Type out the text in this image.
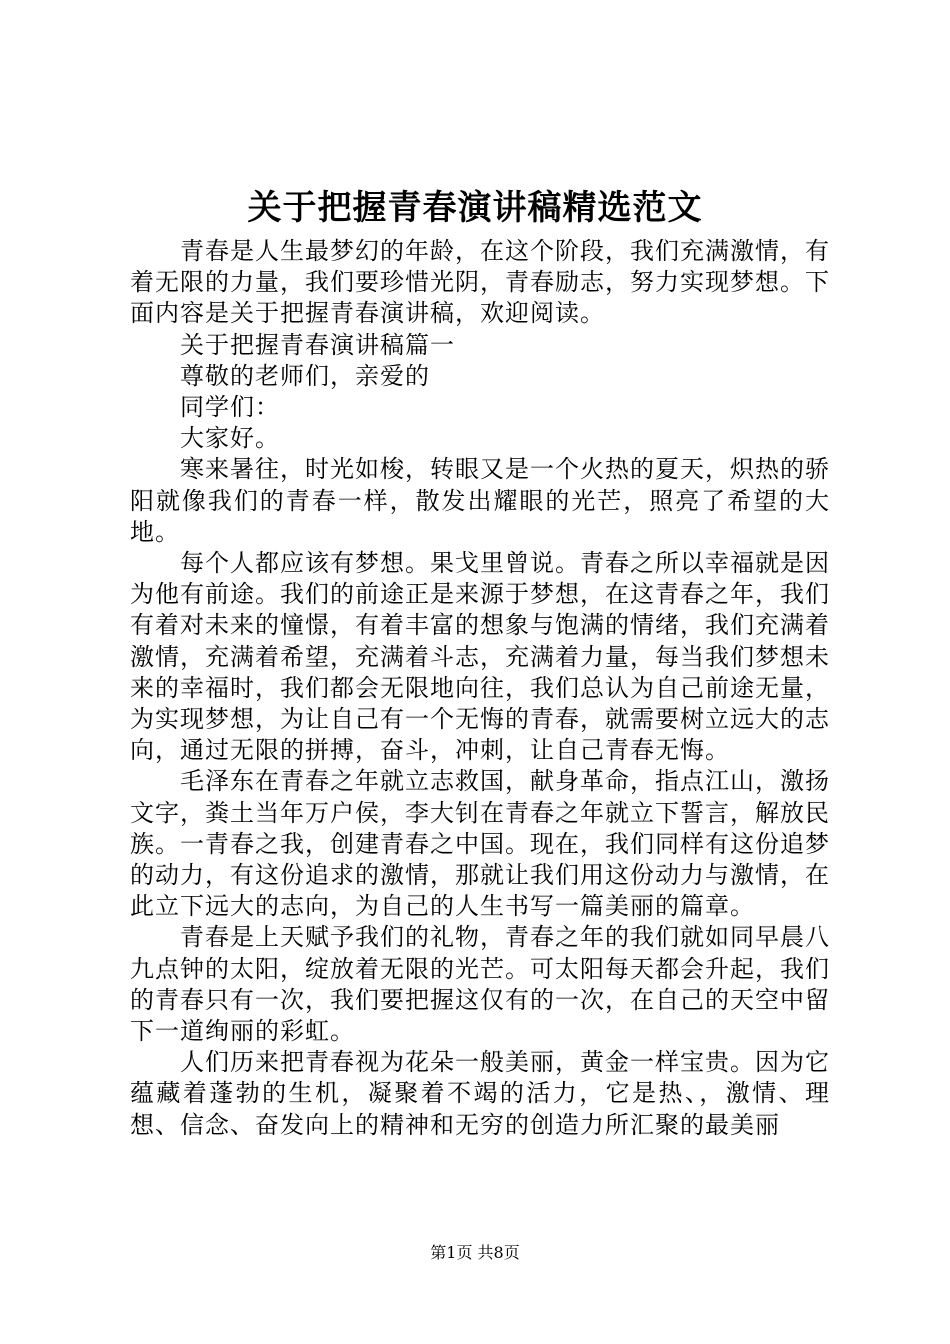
关于把握青春演讲稿精选范文

青春是人生最梦幻的年龄，在这个阶段，我们充满激情，有着无限的力量，我们要珍惜光阴，青春励志，努力实现梦想。下面内容是关于把握青春演讲稿，欢迎阅读。

关于把握青春演讲稿篇一

尊敬的老师们，亲爱的

同学们：

大家好。

寒来暑往，时光如梭，转眼又是一个火热的夏天，炽热的骄阳就像我们的青春一样，散发出耀眼的光芒，照亮了希望的大地。

每个人都应该有梦想。果戈里曾说。青春之所以幸福就是因为他有前途。我们的前途正是来源于梦想，在这青春之年，我们有着对未来的憧憬，有着丰富的想象与饱满的情绪，我们充满着激情，充满着希望，充满着斗志，充满着力量，每当我们梦想未来的幸福时，我们都会无限地向往，我们总认为自己前途无量，为实现梦想，为让自己有一个无悔的青春，就需要树立远大的志向，通过无限的拼搏，奋斗，冲刺，让自己青春无悔。

毛泽东在青春之年就立志救国，献身革命，指点江山，激扬文字，粪土当年万户侯，李大钊在青春之年就立下誓言，解放民族。一青春之我，创建青春之中国。现在，我们同样有这份追梦的动力，有这份追求的激情，那就让我们用这份动力与激情，在此立下远大的志向，为自己的人生书写一篇美丽的篇章。

青春是上天赋予我们的礼物，青春之年的我们就如同早晨八九点钟的太阳，绽放着无限的光芒。可太阳每天都会升起，我们的青春只有一次，我们要把握这仅有的一次，在自己的天空中留下一道绚丽的彩虹。

人们历来把青春视为花朵一般美丽，黄金一样宝贵。因为它蕴藏着蓬勃的生机，凝聚着不竭的活力，它是热、，激情、理想、信念、奋发向上的精神和无穷的创造力所汇聚的最美丽

第1页 共8页
